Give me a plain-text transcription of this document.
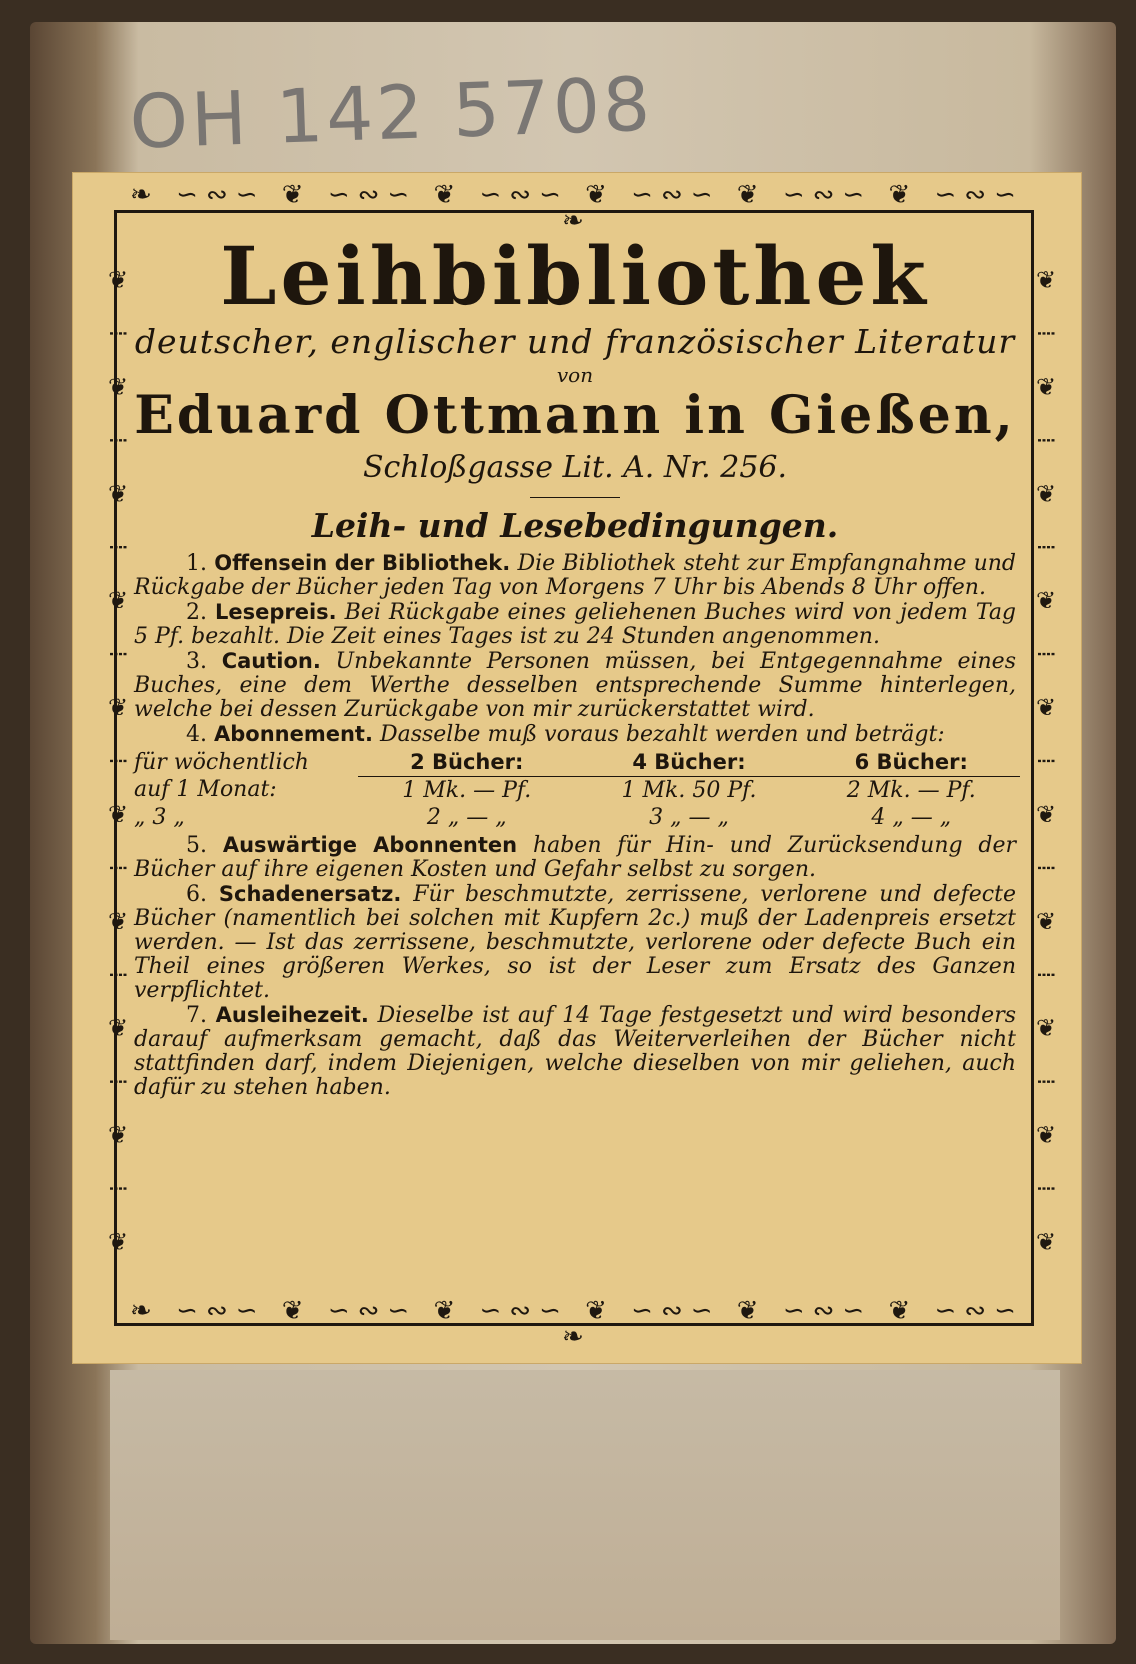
OH 142 5708
❧ ∽∾∽ ❦ ∽∾∽ ❦ ∽∾∽ ❦ ∽∾∽ ❦ ∽∾∽ ❦ ∽∾∽ ❧
❧ ∽∾∽ ❦ ∽∾∽ ❦ ∽∾∽ ❦ ∽∾∽ ❦ ∽∾∽ ❦ ∽∾∽ ❧
❦ ⁞ ❦ ⁞ ❦ ⁞ ❦ ⁞ ❦ ⁞ ❦ ⁞ ❦ ⁞ ❦ ⁞ ❦ ⁞ ❦	❦ ⁞ ❦ ⁞ ❦ ⁞ ❦ ⁞ ❦ ⁞ ❦ ⁞ ❦ ⁞ ❦ ⁞ ❦ ⁞ ❦
Leihbibliothek
deutscher, englischer und französischer Literatur
von
Eduard Ottmann in Gießen,
Schloßgasse Lit. A. Nr. 256.
Leih- und Lesebedingungen.

1. Offensein der Bibliothek. Die Bibliothek steht zur Empfangnahme und Rückgabe der Bücher jeden Tag von Morgens 7 Uhr bis Abends 8 Uhr offen.

2. Lesepreis. Bei Rückgabe eines geliehenen Buches wird von jedem Tag 5 Pf. bezahlt. Die Zeit eines Tages ist zu 24 Stunden angenommen.

3. Caution. Unbekannte Personen müssen, bei Entgegennahme eines Buches, eine dem Werthe desselben entsprechende Summe hinterlegen, welche bei dessen Zurückgabe von mir zurückerstattet wird.

4. Abonnement. Dasselbe muß voraus bezahlt werden und beträgt:

für wöchentlich	2 Bücher:	4 Bücher:	6 Bücher:
auf 1 Monat:	1 Mk. — Pf.	1 Mk. 50 Pf.	2 Mk. — Pf.
„ 3 „	2 „ — „	3 „ — „	4 „ — „

5. Auswärtige Abonnenten haben für Hin- und Zurücksendung der Bücher auf ihre eigenen Kosten und Gefahr selbst zu sorgen.

6. Schadenersatz. Für beschmutzte, zerrissene, verlorene und defecte Bücher (namentlich bei solchen mit Kupfern 2c.) muß der Ladenpreis ersetzt werden. — Ist das zerrissene, beschmutzte, verlorene oder defecte Buch ein Theil eines größeren Werkes, so ist der Leser zum Ersatz des Ganzen verpflichtet.

7. Ausleihezeit. Dieselbe ist auf 14 Tage festgesetzt und wird besonders darauf aufmerksam gemacht, daß das Weiterverleihen der Bücher nicht stattfinden darf, indem Diejenigen, welche dieselben von mir geliehen, auch dafür zu stehen haben.
